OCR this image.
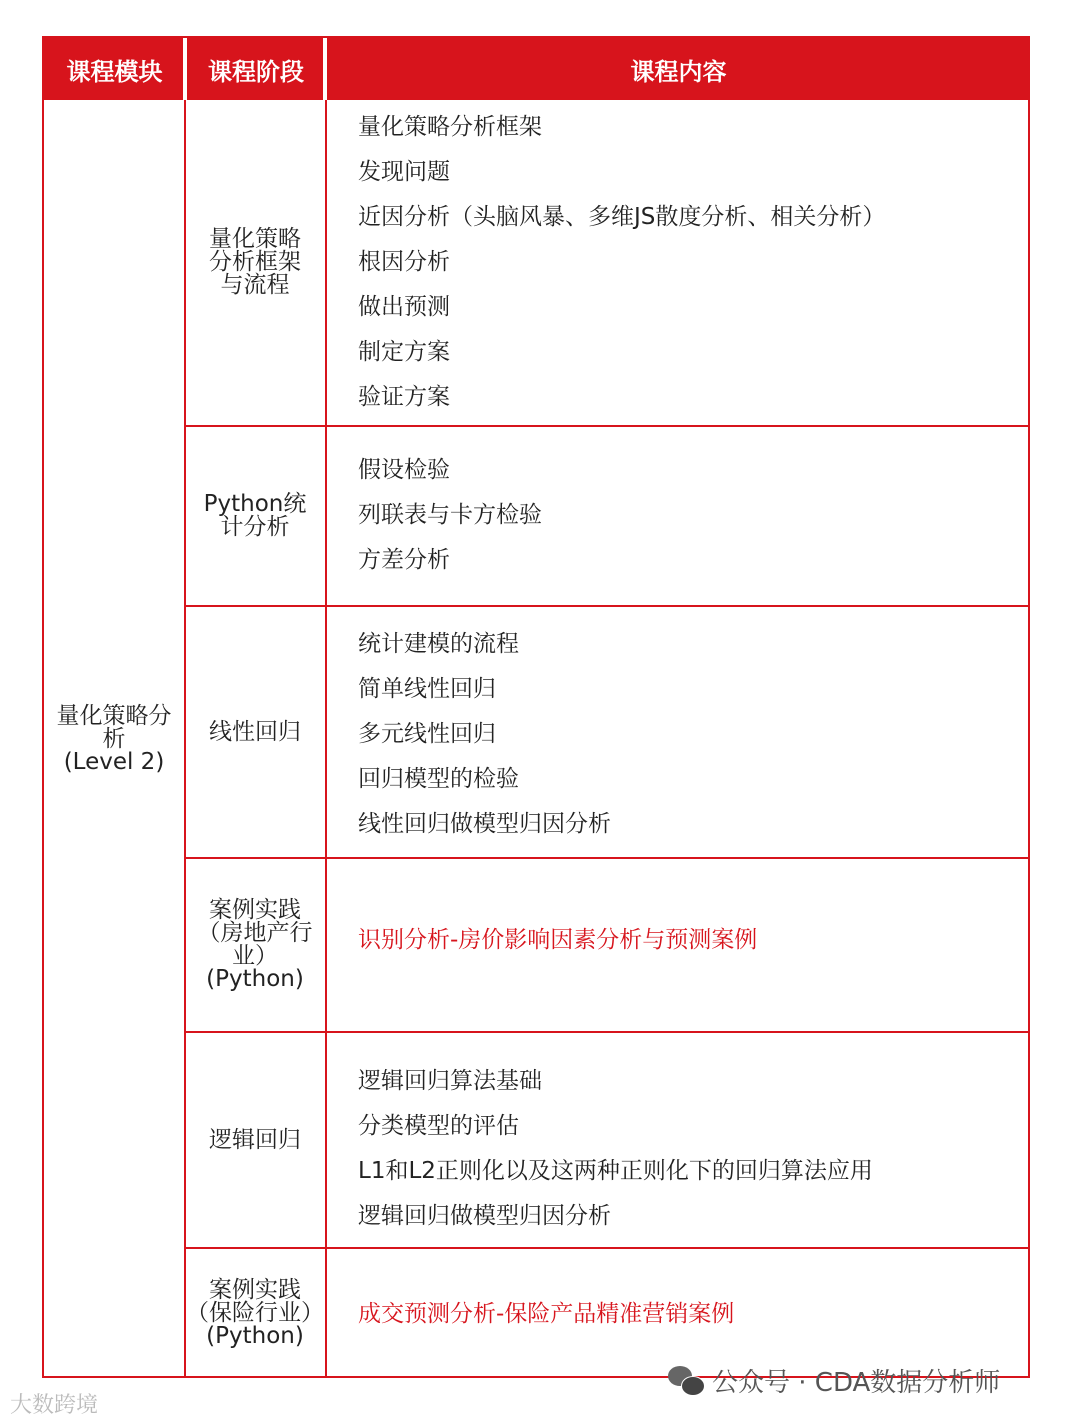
课程模块	课程阶段	课程内容
量化策略分
析
(Level 2)
量化策略
分析框架
与流程
量化策略分析框架
发现问题
近因分析（头脑风暴、多维JS散度分析、相关分析）
根因分析
做出预测
制定方案
验证方案
Python统
计分析
假设检验
列联表与卡方检验
方差分析
线性回归
统计建模的流程
简单线性回归
多元线性回归
回归模型的检验
线性回归做模型归因分析
案例实践
（房地产行
业）
(Python)
识别分析-房价影响因素分析与预测案例
逻辑回归
逻辑回归算法基础
分类模型的评估
L1和L2正则化以及这两种正则化下的回归算法应用
逻辑回归做模型归因分析
案例实践
（保险行业）
(Python)
成交预测分析-保险产品精准营销案例
大数跨境
公众号 · CDA数据分析师
